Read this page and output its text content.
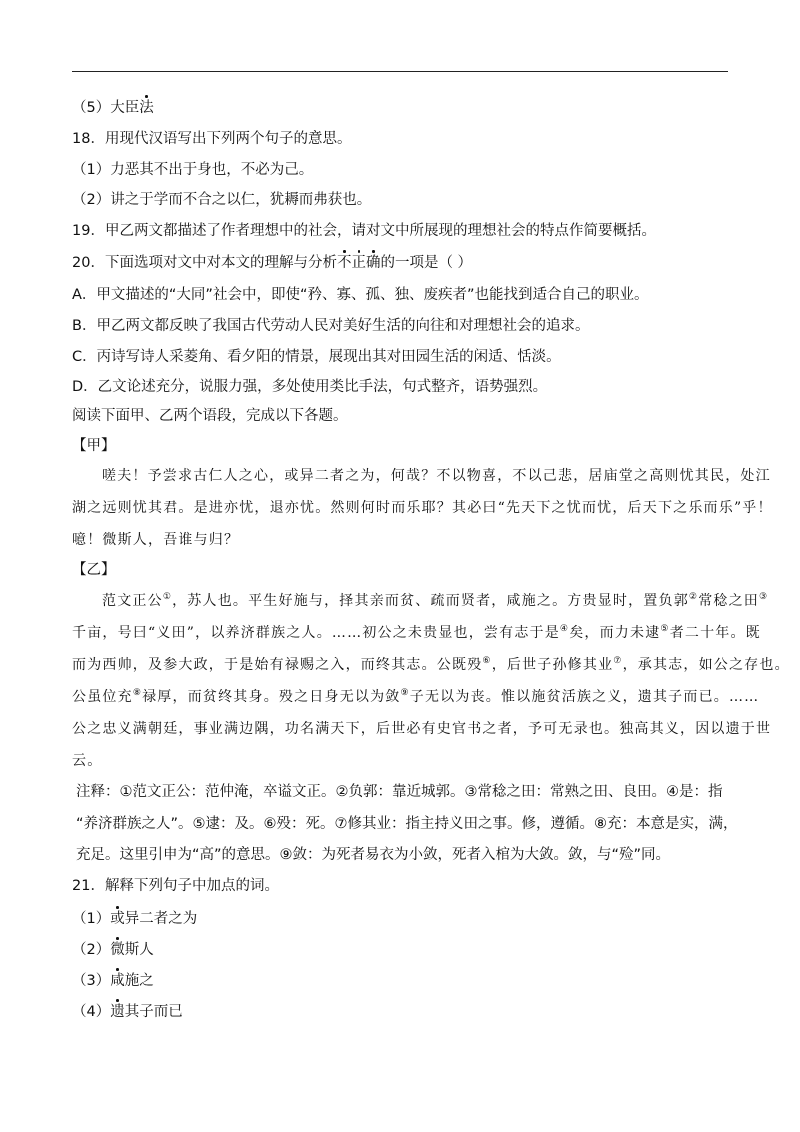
（5）大臣法
18．用现代汉语写出下列两个句子的意思。
（1）力恶其不出于身也，不必为己。
（2）讲之于学而不合之以仁，犹耨而弗获也。
19．甲乙两文都描述了作者理想中的社会，请对文中所展现的理想社会的特点作简要概括。
20．下面选项对文中对本文的理解与分析不正确的一项是（ ）
A．甲文描述的“大同”社会中，即使“矜、寡、孤、独、废疾者”也能找到适合自己的职业。
B．甲乙两文都反映了我国古代劳动人民对美好生活的向往和对理想社会的追求。
C．丙诗写诗人采菱角、看夕阳的情景，展现出其对田园生活的闲适、恬淡。
D．乙文论述充分，说服力强，多处使用类比手法，句式整齐，语势强烈。
阅读下面甲、乙两个语段，完成以下各题。
【甲】
嗟夫！予尝求古仁人之心，或异二者之为，何哉？不以物喜，不以己悲，居庙堂之高则忧其民，处江
湖之远则忧其君。是进亦忧，退亦忧。然则何时而乐耶？其必曰“先天下之忧而忧，后天下之乐而乐”乎！
噫！微斯人，吾谁与归？
【乙】
范文正公①，苏人也。平生好施与，择其亲而贫、疏而贤者，咸施之。方贵显时，置负郭②常稔之田③
千亩，号曰“义田”，以养济群族之人。……初公之未贵显也，尝有志于是④矣，而力未逮⑤者二十年。既
而为西帅，及参大政，于是始有禄赐之入，而终其志。公既殁⑥，后世子孙修其业⑦，承其志，如公之存也。
公虽位充⑧禄厚，而贫终其身。殁之日身无以为敛⑨子无以为丧。惟以施贫活族之义，遗其子而已。……
公之忠义满朝廷，事业满边隅，功名满天下，后世必有史官书之者，予可无录也。独高其义，因以遗于世
云。
注释：①范文正公：范仲淹，卒谥文正。②负郭：靠近城郭。③常稔之田：常熟之田、良田。④是：指
“养济群族之人”。⑤逮：及。⑥殁：死。⑦修其业：指主持义田之事。修，遵循。⑧充：本意是实，满，
充足。这里引申为“高”的意思。⑨敛：为死者易衣为小敛，死者入棺为大敛。敛，与“殓”同。
21．解释下列句子中加点的词。
（1）或异二者之为
（2）微斯人
（3）咸施之
（4）遗其子而已
